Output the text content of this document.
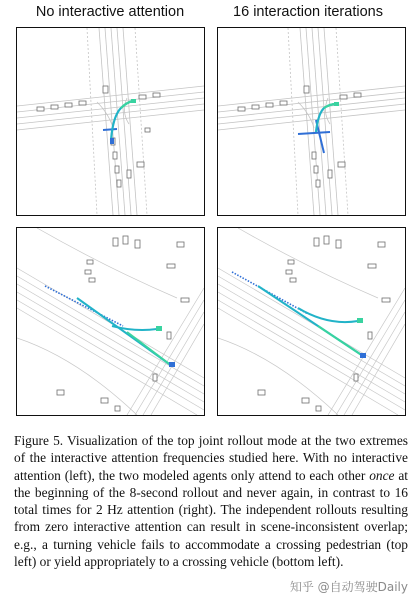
No interactive attention	16 interaction iterations
Figure 5. Visualization of the top joint rollout mode at the two extremes of the interactive attention frequencies studied here. With no interactive attention (left), the two modeled agents only attend to each other once at the beginning of the 8-second rollout and never again, in contrast to 16 total times for 2 Hz attention (right). The independent rollouts resulting from zero interactive attention can result in scene-inconsistent overlap; e.g., a turning vehicle fails to accommodate a crossing pedestrian (top left) or yield appropriately to a crossing vehicle (bottom left).
知乎 @自动驾驶Daily
